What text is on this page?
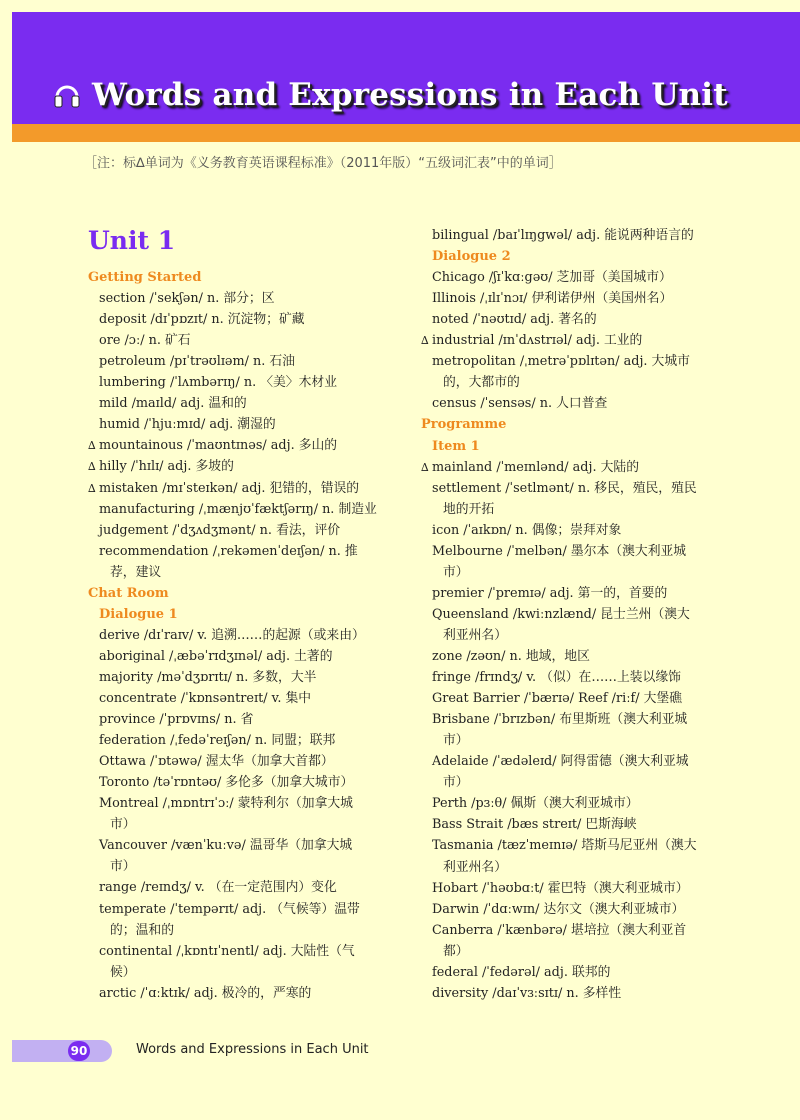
Words and Expressions in Each Unit
［注：标∆单词为《义务教育英语课程标准》（2011年版）“五级词汇表”中的单词］
Unit 1
Getting Started
section /ˈsekʃən/ n. 部分；区
deposit /dɪˈpɒzɪt/ n. 沉淀物；矿藏
ore /ɔː/ n. 矿石
petroleum /pɪˈtrəʊlɪəm/ n. 石油
lumbering /ˈlʌmbərɪŋ/ n. 〈美〉木材业
mild /maɪld/ adj. 温和的
humid /ˈhjuːmɪd/ adj. 潮湿的
mountainous /ˈmaʊntɪnəs/ adj. 多山的
∆
hilly /ˈhɪlɪ/ adj. 多坡的
∆
mistaken /mɪˈsteɪkən/ adj. 犯错的，错误的
∆
manufacturing /ˌmænjʊˈfæktʃərɪŋ/ n. 制造业
judgement /ˈdʒʌdʒmənt/ n. 看法，评价
recommendation /ˌrekəmenˈdeɪʃən/ n. 推
荐，建议
Chat Room
Dialogue 1
derive /dɪˈraɪv/ v. 追溯……的起源（或来由）
aboriginal /ˌæbəˈrɪdʒɪnəl/ adj. 土著的
majority /məˈdʒɒrɪtɪ/ n. 多数，大半
concentrate /ˈkɒnsəntreɪt/ v. 集中
province /ˈprɒvɪns/ n. 省
federation /ˌfedəˈreɪʃən/ n. 同盟；联邦
Ottawa /ˈɒtəwə/ 渥太华（加拿大首都）
Toronto /təˈrɒntəʊ/ 多伦多（加拿大城市）
Montreal /ˌmɒntrɪˈɔː/ 蒙特利尔（加拿大城
市）
Vancouver /vænˈkuːvə/ 温哥华（加拿大城
市）
range /reɪndʒ/ v. （在一定范围内）变化
temperate /ˈtempərɪt/ adj. （气候等）温带
的；温和的
continental /ˌkɒntɪˈnentl/ adj. 大陆性（气
候）
arctic /ˈɑːktɪk/ adj. 极冷的，严寒的
bilingual /baɪˈlɪŋgwəl/ adj. 能说两种语言的
Dialogue 2
Chicago /ʃɪˈkɑːgəʊ/ 芝加哥（美国城市）
Illinois /ˌɪlɪˈnɔɪ/ 伊利诺伊州（美国州名）
noted /ˈnəʊtɪd/ adj. 著名的
industrial /ɪnˈdʌstrɪəl/ adj. 工业的
∆
metropolitan /ˌmetrəˈpɒlɪtən/ adj. 大城市
的，大都市的
census /ˈsensəs/ n. 人口普查
Programme
Item 1
mainland /ˈmeɪnlənd/ adj. 大陆的
∆
settlement /ˈsetlmənt/ n. 移民，殖民，殖民
地的开拓
icon /ˈaɪkɒn/ n. 偶像；崇拜对象
Melbourne /ˈmelbən/ 墨尔本（澳大利亚城
市）
premier /ˈpremɪə/ adj. 第一的，首要的
Queensland /kwiːnzlænd/ 昆士兰州（澳大
利亚州名）
zone /zəʊn/ n. 地域，地区
fringe /frɪndʒ/ v. （似）在……上装以缘饰
Great Barrier /ˈbærɪə/ Reef /riːf/ 大堡礁
Brisbane /ˈbrɪzbən/ 布里斯班（澳大利亚城
市）
Adelaide /ˈædəleɪd/ 阿得雷德（澳大利亚城
市）
Perth /pɜːθ/ 佩斯（澳大利亚城市）
Bass Strait /bæs streɪt/ 巴斯海峡
Tasmania /tæzˈmeɪnɪə/ 塔斯马尼亚州（澳大
利亚州名）
Hobart /ˈhəʊbɑːt/ 霍巴特（澳大利亚城市）
Darwin /ˈdɑːwɪn/ 达尔文（澳大利亚城市）
Canberra /ˈkænbərə/ 堪培拉（澳大利亚首
都）
federal /ˈfedərəl/ adj. 联邦的
diversity /daɪˈvɜːsɪtɪ/ n. 多样性
90	Words and Expressions in Each Unit
